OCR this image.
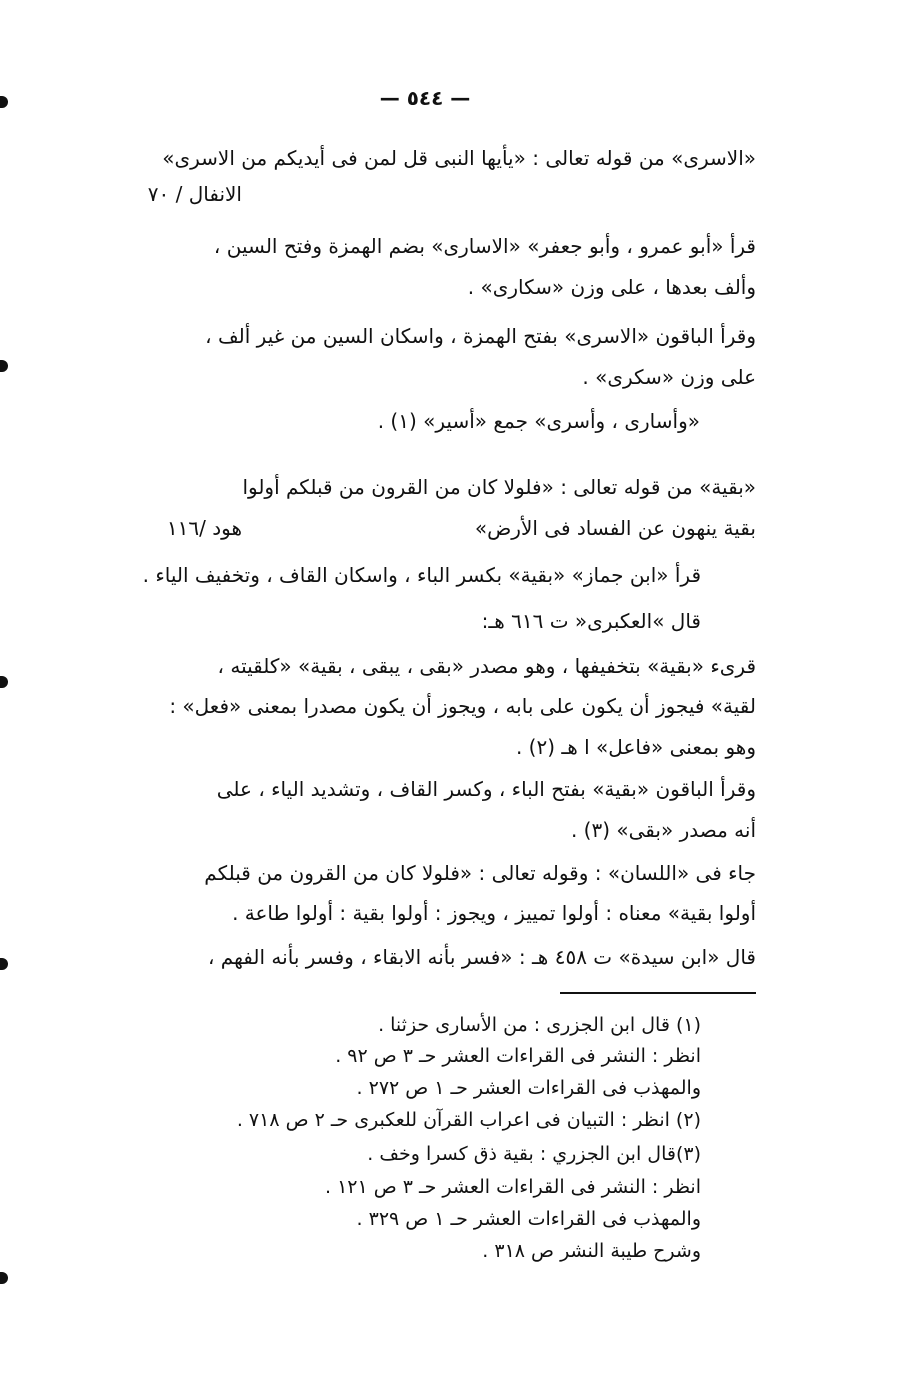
— ٥٤٤ —
«الاسرى» من قوله تعالى : «يأيها النبى قل لمن فى أيديكم من الاسرى»
الانفال / ٧٠
قرأ «أبو عمرو ، وأبو جعفر» «الاسارى» بضم الهمزة وفتح السين ،
وألف بعدها ، على وزن «سكارى» .
وقرأ الباقون «الاسرى» بفتح الهمزة ، واسكان السين من غير ألف ،
على وزن «سكرى» .
«وأسارى ، وأسرى» جمع «أسير» (١) .
«بقية» من قوله تعالى : «فلولا كان من القرون من قبلكم أولوا
بقية ينهون عن الفساد فى الأرض»
هود /١١٦
قرأ «ابن جماز» «بقية» بكسر الباء ، واسكان القاف ، وتخفيف الياء .
قال »العكبرى« ت ٦١٦ هـ:
قرىء «بقية» بتخفيفها ، وهو مصدر «بقى ، يبقى ، بقية» «كلقيته ،
لقية» فيجوز أن يكون على بابه ، ويجوز أن يكون مصدرا بمعنى «فعل» :
وهو بمعنى «فاعل» ا هـ (٢) .
وقرأ الباقون «بقية» بفتح الباء ، وكسر القاف ، وتشديد الياء ، على
أنه مصدر «بقى» (٣) .
جاء فى «اللسان» : وقوله تعالى : «فلولا كان من القرون من قبلكم
أولوا بقية» معناه : أولوا تمييز ، ويجوز : أولوا بقية : أولوا طاعة .
قال «ابن سيدة» ت ٤٥٨ هـ : «فسر بأنه الابقاء ، وفسر بأنه الفهم ،
(١) قال ابن الجزرى : من الأسارى حزثنا .
انظر : النشر فى القراءات العشر حـ ٣ ص ٩٢ .
والمهذب فى القراءات العشر حـ ١ ص ٢٧٢ .
(٢) انظر : التبيان فى اعراب القرآن للعكبرى حـ ٢ ص ٧١٨ .
(٣)قال ابن الجزري : بقية ذق كسرا وخف .
انظر : النشر فى القراءات العشر حـ ٣ ص ١٢١ .
والمهذب فى القراءات العشر حـ ١ ص ٣٢٩ .
وشرح طيبة النشر ص ٣١٨ .
